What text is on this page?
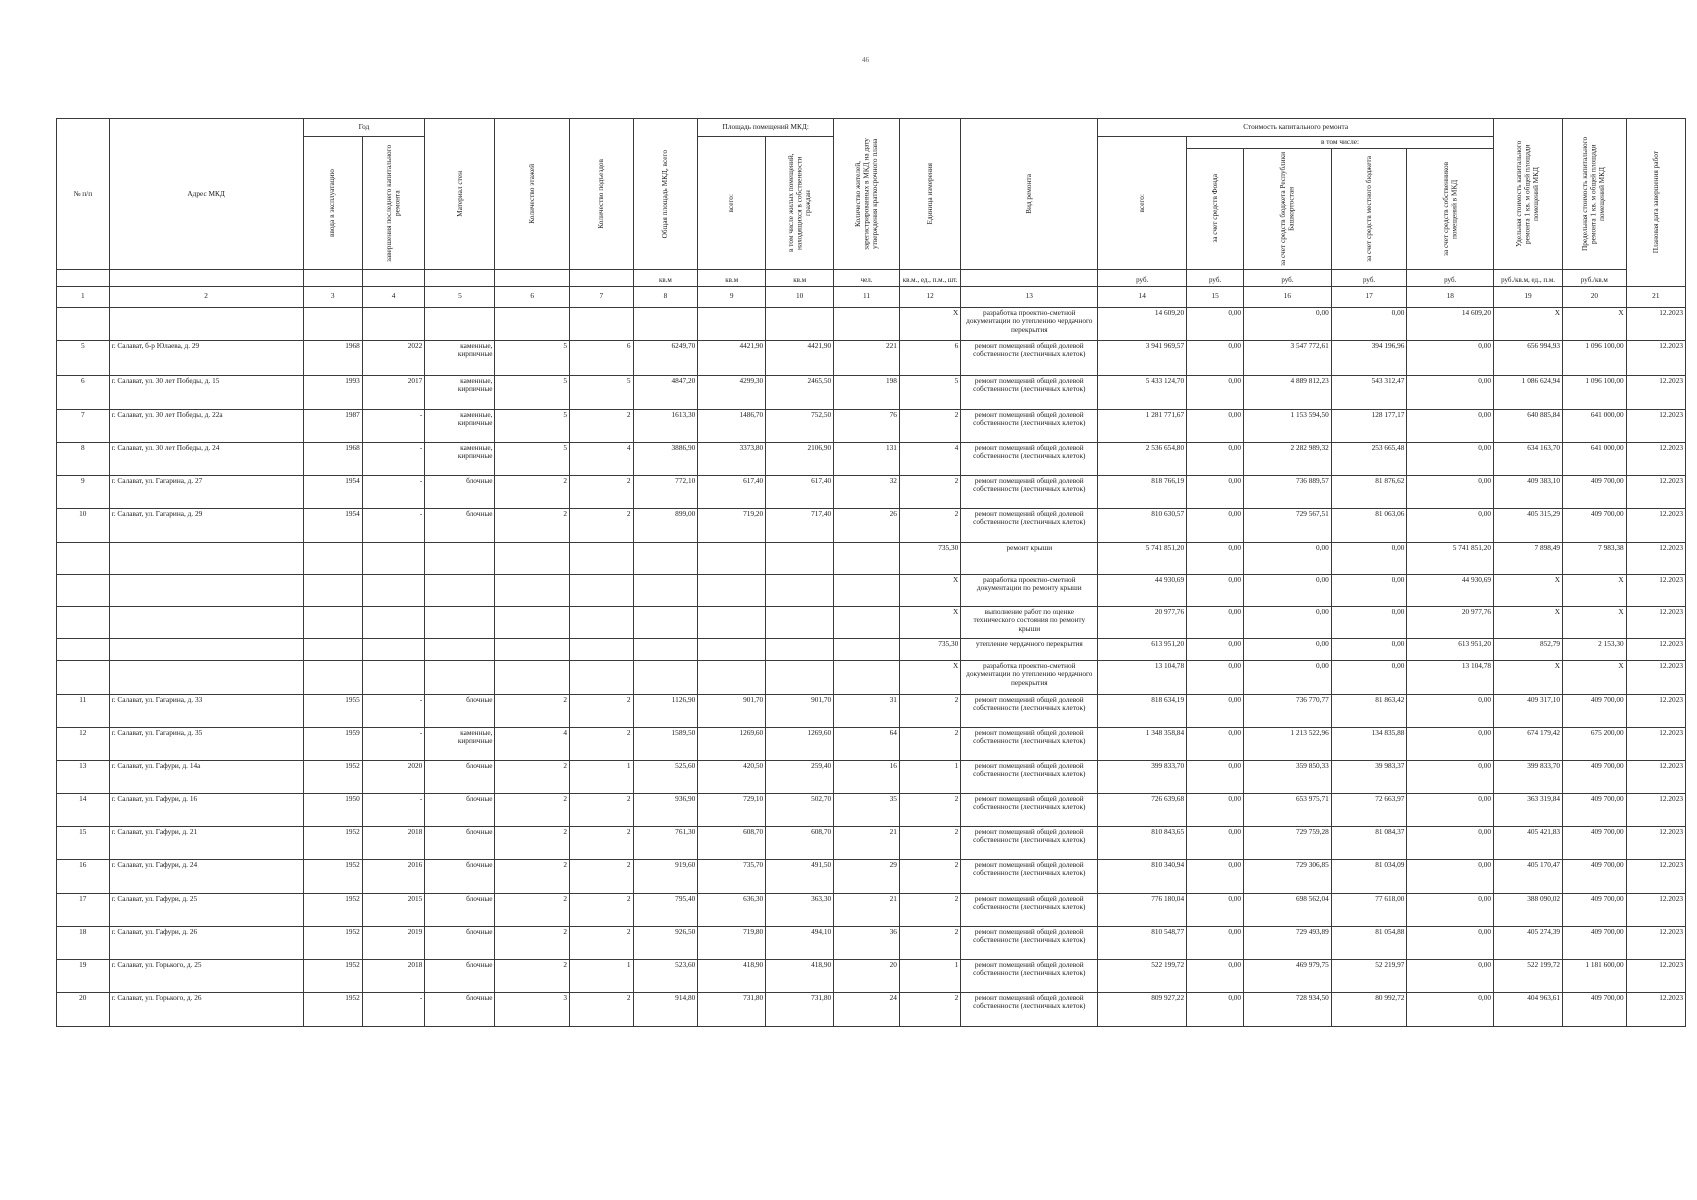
46
№ п/п	Адрес МКД	Год		Материал стен	Количество этажей	Количество подъездов	Общая площадь МКД, всего	Площадь помещений МКД:		Количество жителей, зарегистрированных в МКД на дату утверждения краткосрочного плана	Единица измерения	Вид ремонта	Стоимость капитального ремонта					Удельная стоимость капитального ремонта 1 кв. м общей площади помещений МКД	Предельная стоимость капитального ремонта 1 кв. м общей площади помещений МКД	Плановая дата завершения работ

		ввода в эксплуатацию	завершения последнего капитального ремонта					всего:	в том числе жилых помещений, находящихся в собственности граждан				всего:	в том числе:						

														за счет средств Фонда	за счет средств бюджета Республики Башкортостан	за счет средств местного бюджета	за счет средств собственников помещений в МКД			

							кв.м	кв.м	кв.м	чел.	кв.м., ед., п.м., шт.		руб.	руб.	руб.	руб.	руб.	руб./кв.м, ед., п.м.	руб./кв.м	
1	2	3	4	5	6	7	8	9	10	11	12	13	14	15	16	17	18	19	20	21
											X	разработка проектно-сметной документации по утеплению чердачного перекрытия	14 609,20	0,00	0,00	0,00	14 609,20	X	X	12.2023
5	г. Салават, б-р Юлаева, д. 29	1968	2022	каменные, кирпичные	5	6	6249,70	4421,90	4421,90	221	6	ремонт помещений общей долевой собственности (лестничных клеток)	3 941 969,57	0,00	3 547 772,61	394 196,96	0,00	656 994,93	1 096 100,00	12.2023
6	г. Салават, ул. 30 лет Победы, д. 15	1993	2017	каменные, кирпичные	5	5	4847,20	4299,30	2465,50	198	5	ремонт помещений общей долевой собственности (лестничных клеток)	5 433 124,70	0,00	4 889 812,23	543 312,47	0,00	1 086 624,94	1 096 100,00	12.2023
7	г. Салават, ул. 30 лет Победы, д. 22а	1987	-	каменные, кирпичные	5	2	1613,30	1486,70	752,50	76	2	ремонт помещений общей долевой собственности (лестничных клеток)	1 281 771,67	0,00	1 153 594,50	128 177,17	0,00	640 885,84	641 000,00	12.2023
8	г. Салават, ул. 30 лет Победы, д. 24	1968	-	каменные, кирпичные	5	4	3886,90	3373,80	2106,90	131	4	ремонт помещений общей долевой собственности (лестничных клеток)	2 536 654,80	0,00	2 282 989,32	253 665,48	0,00	634 163,70	641 000,00	12.2023
9	г. Салават, ул. Гагарина, д. 27	1954	-	блочные	2	2	772,10	617,40	617,40	32	2	ремонт помещений общей долевой собственности (лестничных клеток)	818 766,19	0,00	736 889,57	81 876,62	0,00	409 383,10	409 700,00	12.2023
10	г. Салават, ул. Гагарина, д. 29	1954	-	блочные	2	2	899,00	719,20	717,40	26	2	ремонт помещений общей долевой собственности (лестничных клеток)	810 630,57	0,00	729 567,51	81 063,06	0,00	405 315,29	409 700,00	12.2023
											735,30	ремонт крыши	5 741 851,20	0,00	0,00	0,00	5 741 851,20	7 898,49	7 983,38	12.2023
											X	разработка проектно-сметной документации по ремонту крыши	44 930,69	0,00	0,00	0,00	44 930,69	X	X	12.2023
											X	выполнение работ по оценке технического состояния по ремонту крыши	20 977,76	0,00	0,00	0,00	20 977,76	X	X	12.2023
											735,30	утепление чердачного перекрытия	613 951,20	0,00	0,00	0,00	613 951,20	852,79	2 153,30	12.2023
											X	разработка проектно-сметной документации по утеплению чердачного перекрытия	13 104,78	0,00	0,00	0,00	13 104,78	X	X	12.2023
11	г. Салават, ул. Гагарина, д. 33	1955	-	блочные	2	2	1126,90	901,70	901,70	31	2	ремонт помещений общей долевой собственности (лестничных клеток)	818 634,19	0,00	736 770,77	81 863,42	0,00	409 317,10	409 700,00	12.2023
12	г. Салават, ул. Гагарина, д. 35	1959	-	каменные, кирпичные	4	2	1589,50	1269,60	1269,60	64	2	ремонт помещений общей долевой собственности (лестничных клеток)	1 348 358,84	0,00	1 213 522,96	134 835,88	0,00	674 179,42	675 200,00	12.2023
13	г. Салават, ул. Гафури, д. 14а	1952	2020	блочные	2	1	525,60	420,50	259,40	16	1	ремонт помещений общей долевой собственности (лестничных клеток)	399 833,70	0,00	359 850,33	39 983,37	0,00	399 833,70	409 700,00	12.2023
14	г. Салават, ул. Гафури, д. 16	1950	-	блочные	2	2	936,90	729,10	502,70	35	2	ремонт помещений общей долевой собственности (лестничных клеток)	726 639,68	0,00	653 975,71	72 663,97	0,00	363 319,84	409 700,00	12.2023
15	г. Салават, ул. Гафури, д. 21	1952	2018	блочные	2	2	761,30	608,70	608,70	21	2	ремонт помещений общей долевой собственности (лестничных клеток)	810 843,65	0,00	729 759,28	81 084,37	0,00	405 421,83	409 700,00	12.2023
16	г. Салават, ул. Гафури, д. 24	1952	2016	блочные	2	2	919,60	735,70	491,50	29	2	ремонт помещений общей долевой собственности (лестничных клеток)	810 340,94	0,00	729 306,85	81 034,09	0,00	405 170,47	409 700,00	12.2023
17	г. Салават, ул. Гафури, д. 25	1952	2015	блочные	2	2	795,40	636,30	363,30	21	2	ремонт помещений общей долевой собственности (лестничных клеток)	776 180,04	0,00	698 562,04	77 618,00	0,00	388 090,02	409 700,00	12.2023
18	г. Салават, ул. Гафури, д. 26	1952	2019	блочные	2	2	926,50	719,80	494,10	36	2	ремонт помещений общей долевой собственности (лестничных клеток)	810 548,77	0,00	729 493,89	81 054,88	0,00	405 274,39	409 700,00	12.2023
19	г. Салават, ул. Горького, д. 25	1952	2018	блочные	2	1	523,60	418,90	418,90	20	1	ремонт помещений общей долевой собственности (лестничных клеток)	522 199,72	0,00	469 979,75	52 219,97	0,00	522 199,72	1 181 600,00	12.2023
20	г. Салават, ул. Горького, д. 26	1952	-	блочные	3	2	914,80	731,80	731,80	24	2	ремонт помещений общей долевой собственности (лестничных клеток)	809 927,22	0,00	728 934,50	80 992,72	0,00	404 963,61	409 700,00	12.2023
